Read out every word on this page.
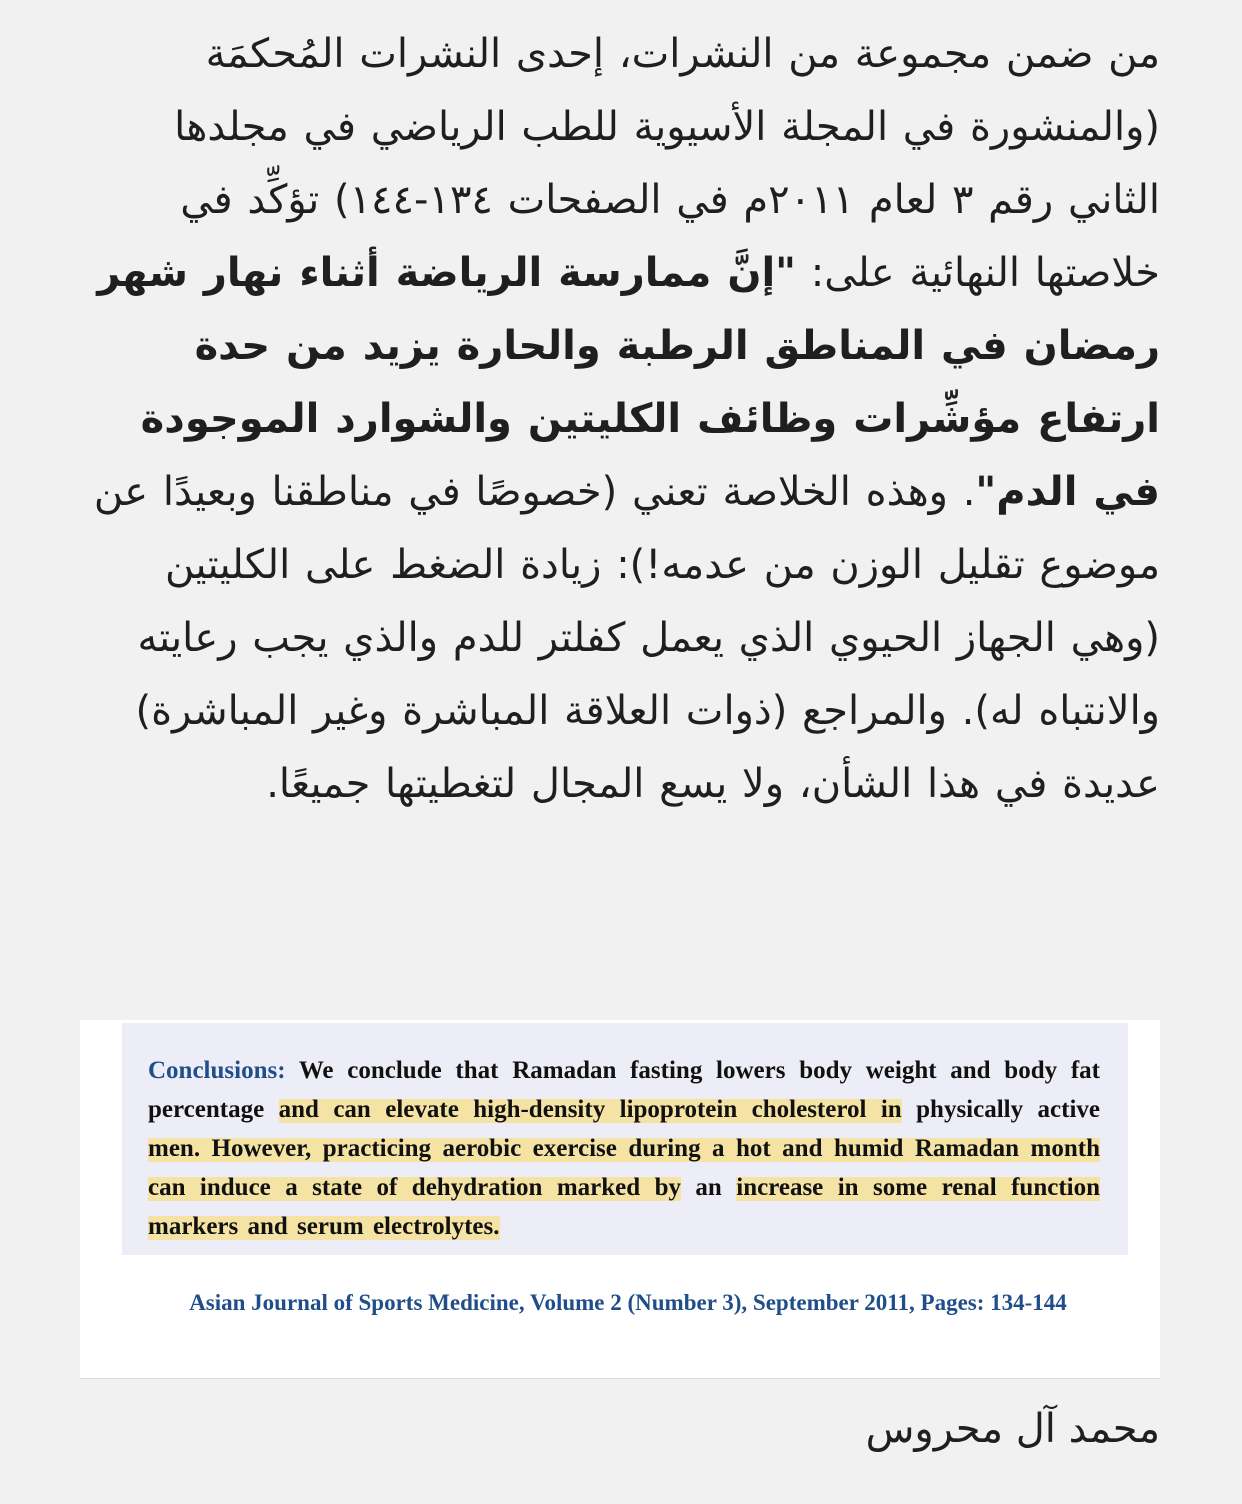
من ضمن مجموعة من النشرات، إحدى النشرات المُحكمَة (والمنشورة في المجلة الأسيوية للطب الرياضي في مجلدها الثاني رقم ٣ لعام ٢٠١١م في الصفحات ١٣٤-١٤٤) تؤكِّد في خلاصتها النهائية على: "إنَّ ممارسة الرياضة أثناء نهار شهر رمضان في المناطق الرطبة والحارة يزيد من حدة ارتفاع مؤشِّرات وظائف الكليتين والشوارد الموجودة في الدم". وهذه الخلاصة تعني (خصوصًا في مناطقنا وبعيدًا عن موضوع تقليل الوزن من عدمه!): زيادة الضغط على الكليتين (وهي الجهاز الحيوي الذي يعمل كفلتر للدم والذي يجب رعايته والانتباه له). والمراجع (ذوات العلاقة المباشرة وغير المباشرة) عديدة في هذا الشأن، ولا يسع المجال لتغطيتها جميعًا.

Conclusions: We conclude that Ramadan fasting lowers body weight and body fat percentage and can elevate high-density lipoprotein cholesterol in physically active men. However, practicing aerobic exercise during a hot and humid Ramadan month can induce a state of dehydration marked by an increase in some renal function markers and serum electrolytes.

Asian Journal of Sports Medicine, Volume 2 (Number 3), September 2011, Pages: 134-144

محمد آل محروس
